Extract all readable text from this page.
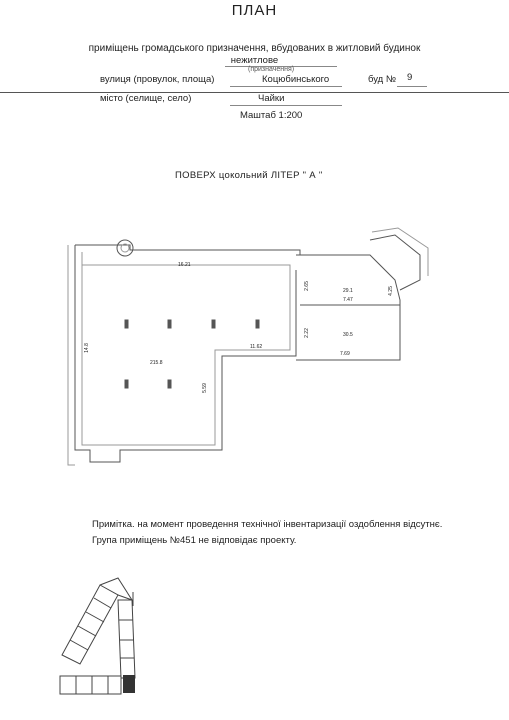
ПЛАН
приміщень громадського призначення, вбудованих в житловий будинок
нежитлове
(призначення)
вулиця (провулок, площа)	Коцюбинського	буд № 9
місто (селище, село)	Чайки
Маштаб 1:200
ПОВЕРХ цокольний ЛІТЕР " А "
16.21
14.8
215.8
11.62
5.59
29.1
7.47
30.5
7.69
2.65
2.22
4.25
Примітка. на момент проведення технічної інвентаризації оздоблення відсутнє.
Група приміщень №451 не відповідає проекту.
